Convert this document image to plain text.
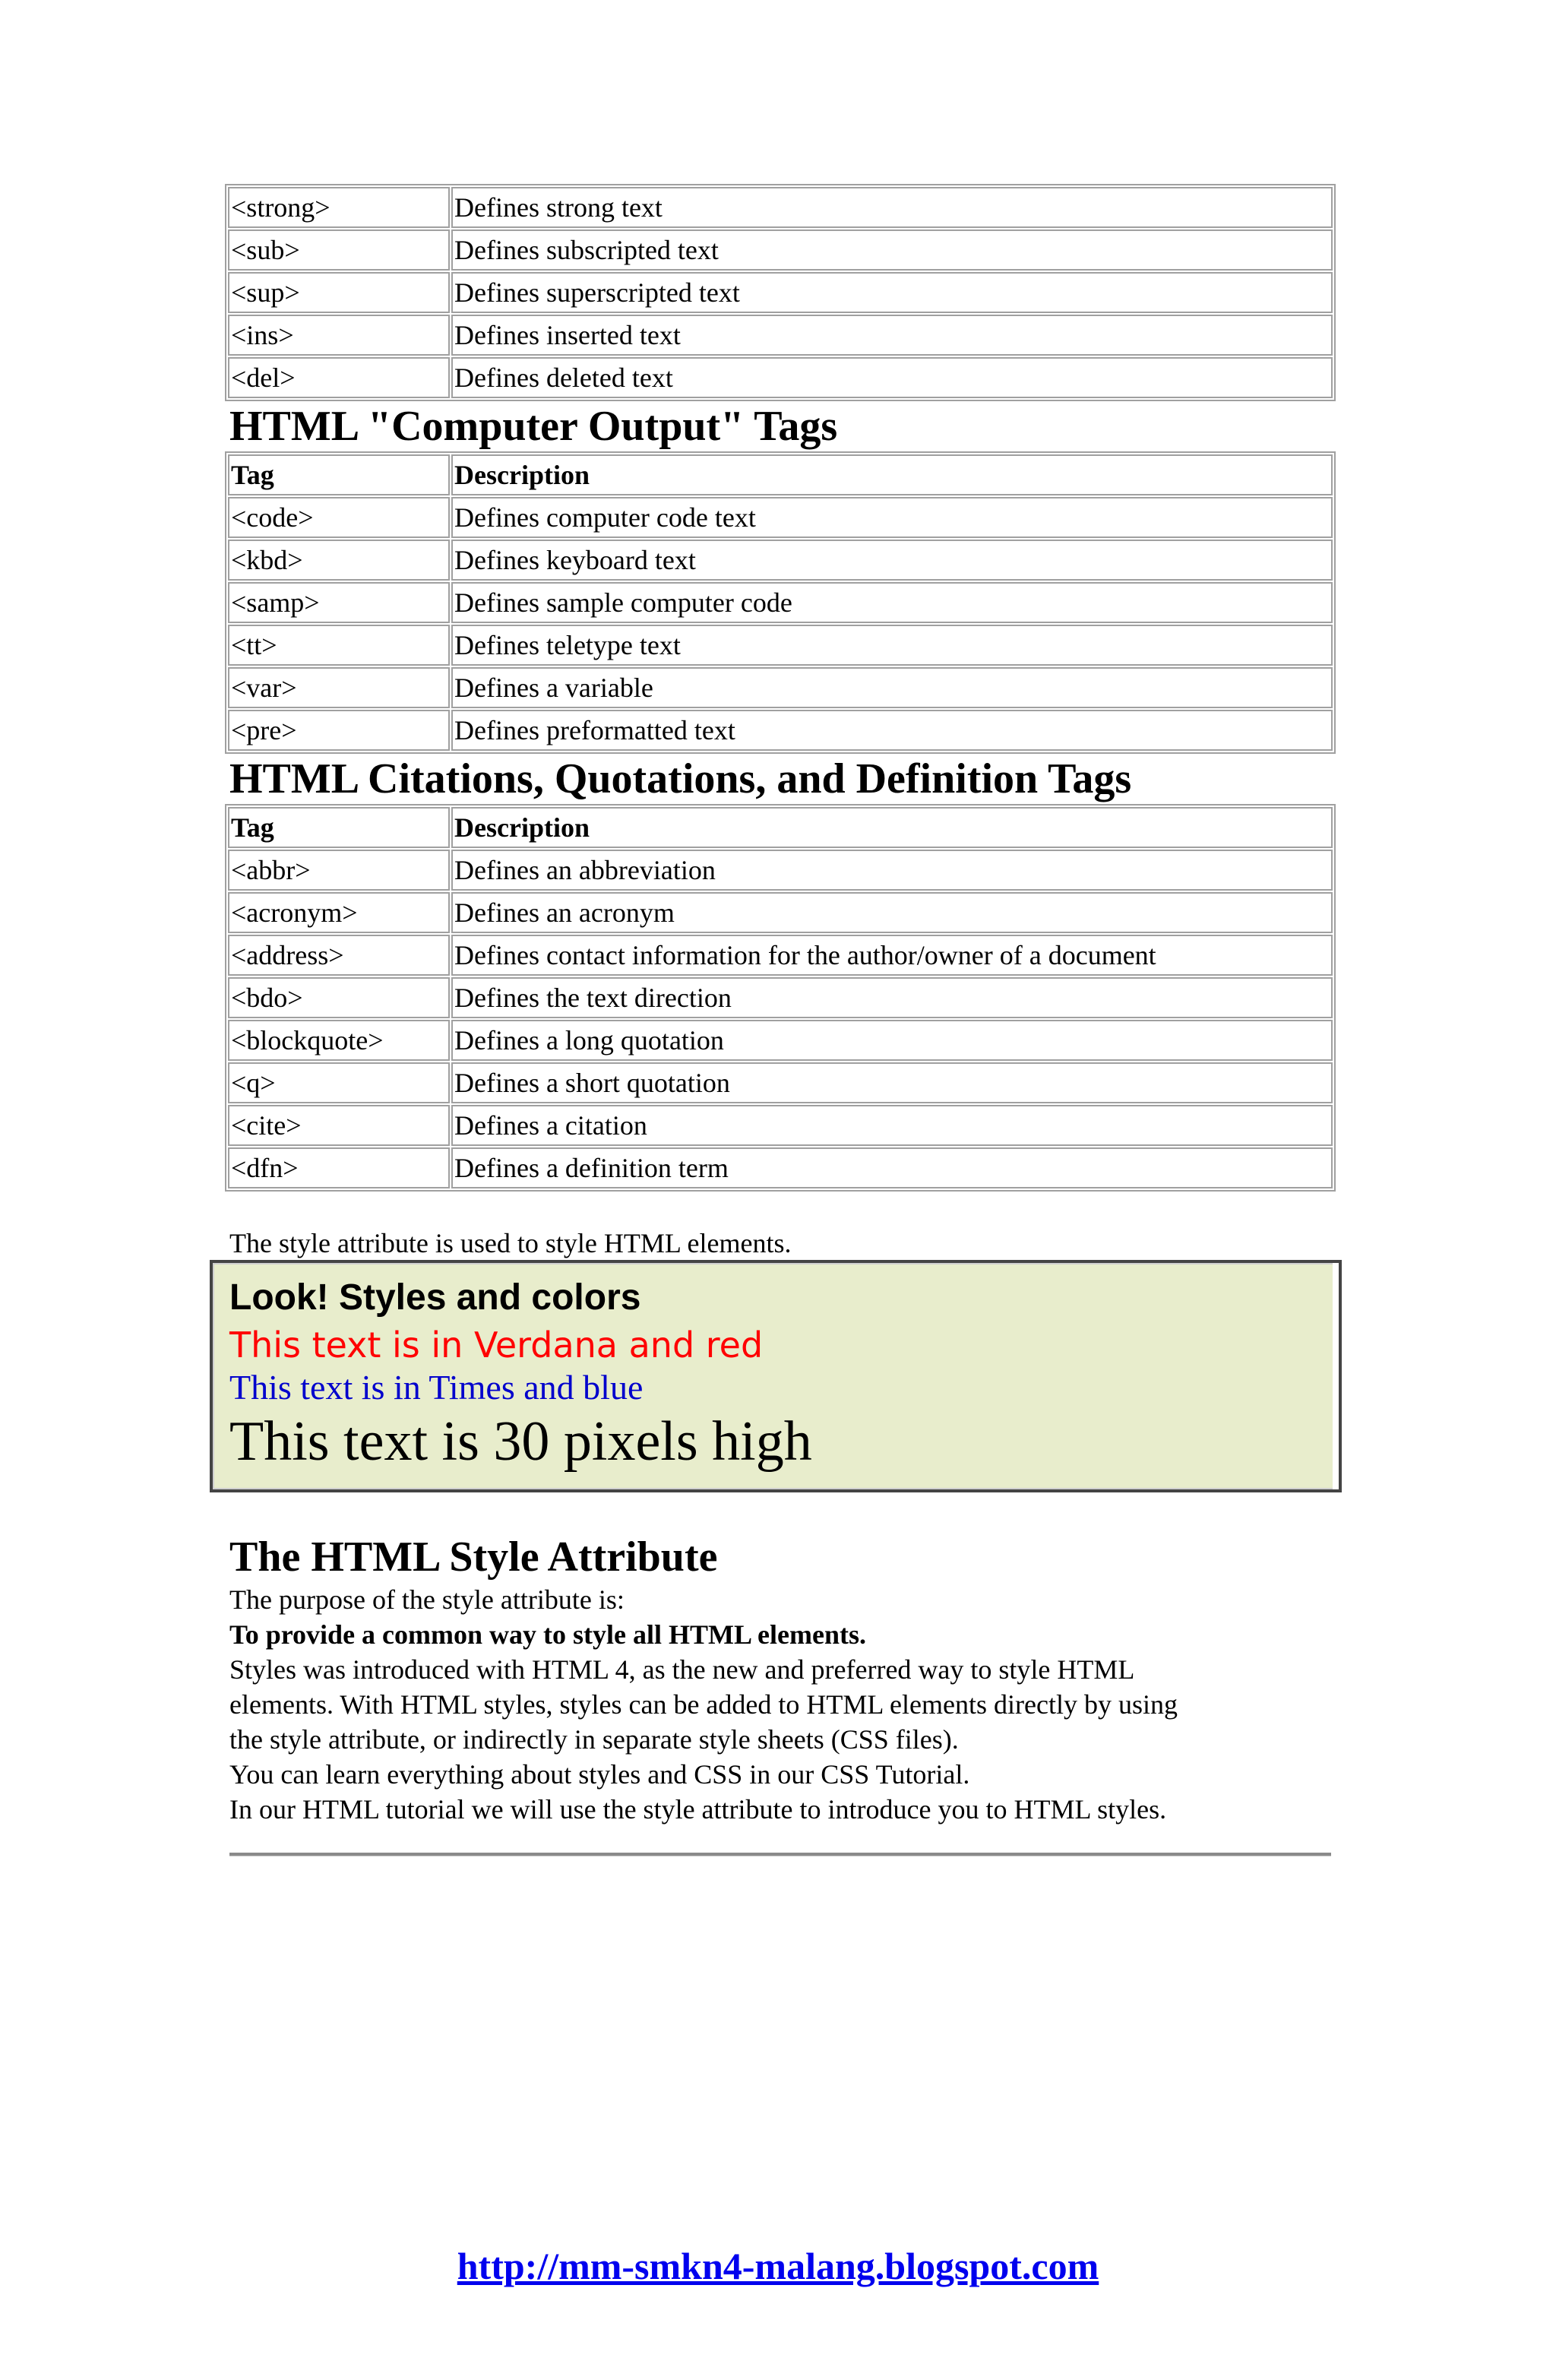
<strong>	Defines strong text
<sub>	Defines subscripted text
<sup>	Defines superscripted text
<ins>	Defines inserted text
<del>	Defines deleted text
HTML "Computer Output" Tags
Tag	Description
<code>	Defines computer code text
<kbd>	Defines keyboard text
<samp>	Defines sample computer code
<tt>	Defines teletype text
<var>	Defines a variable
<pre>	Defines preformatted text
HTML Citations, Quotations, and Definition Tags
Tag	Description
<abbr>	Defines an abbreviation
<acronym>	Defines an acronym
<address>	Defines contact information for the author/owner of a document
<bdo>	Defines the text direction
<blockquote>	Defines a long quotation
<q>	Defines a short quotation
<cite>	Defines a citation
<dfn>	Defines a definition term

The style attribute is used to style HTML elements.

Look! Styles and colors
This text is in Verdana and red
This text is in Times and blue
This text is 30 pixels high
The HTML Style Attribute

The purpose of the style attribute is:

To provide a common way to style all HTML elements.

Styles was introduced with HTML 4, as the new and preferred way to style HTML

elements. With HTML styles, styles can be added to HTML elements directly by using

the style attribute, or indirectly in separate style sheets (CSS files).

You can learn everything about styles and CSS in our CSS Tutorial.

In our HTML tutorial we will use the style attribute to introduce you to HTML styles.

http://mm-smkn4-malang.blogspot.com
